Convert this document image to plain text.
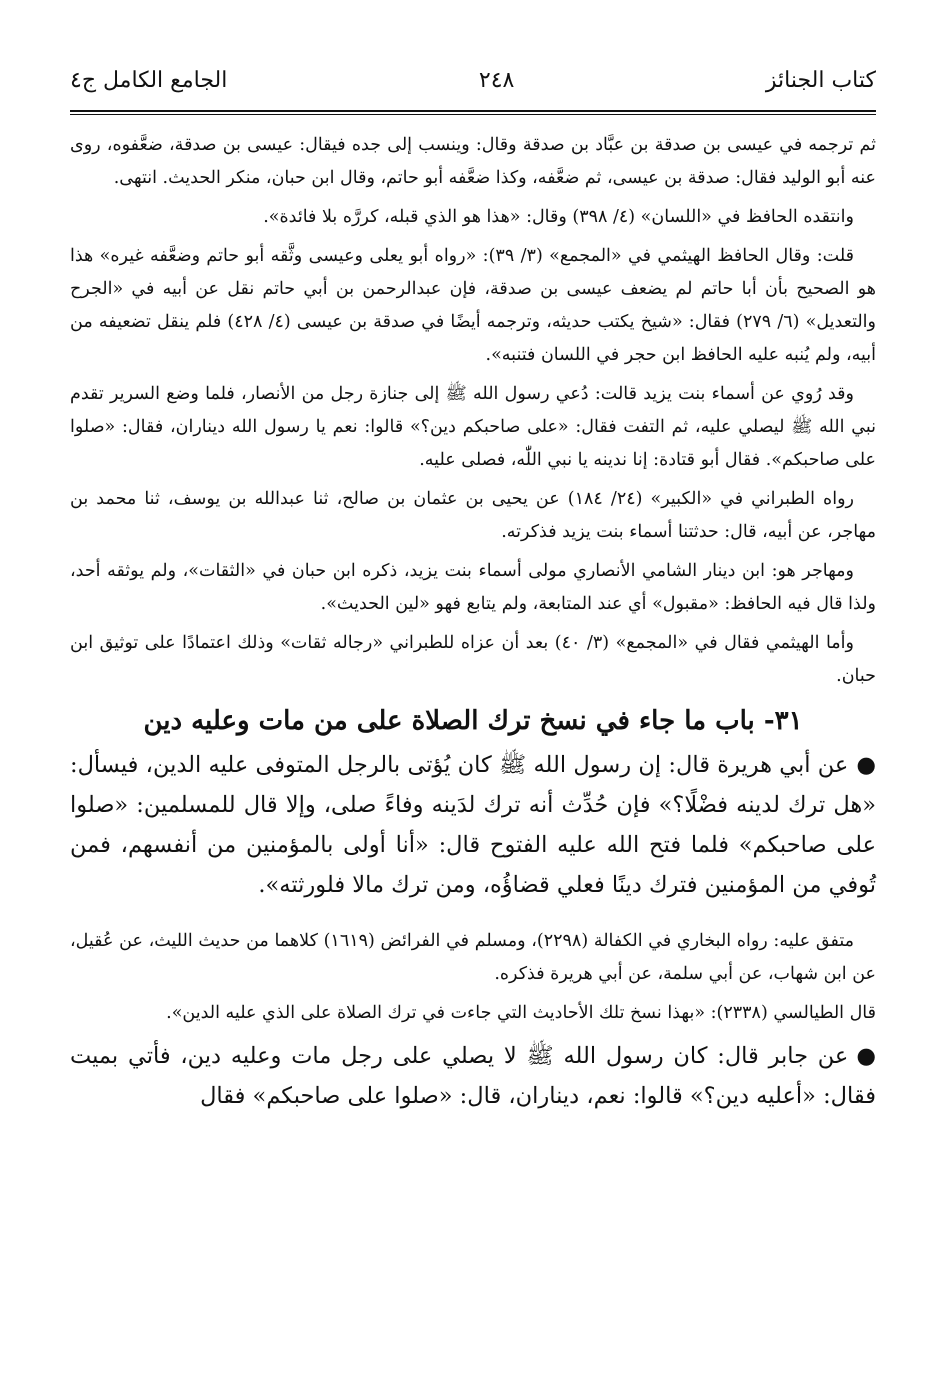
كتاب الجنائز
٢٤٨
الجامع الكامل ج٤

ثم ترجمه في عيسى بن صدقة بن عبَّاد بن صدقة وقال: وينسب إلى جده فيقال: عيسى بن صدقة، ضعَّفوه، روى عنه أبو الوليد فقال: صدقة بن عيسى، ثم ضعَّفه، وكذا ضعَّفه أبو حاتم، وقال ابن حبان، منكر الحديث. انتهى.

وانتقده الحافظ في «اللسان» (٤/ ٣٩٨) وقال: «هذا هو الذي قبله، كررَّه بلا فائدة».

قلت: وقال الحافظ الهيثمي في «المجمع» (٣/ ٣٩): «رواه أبو يعلى وعيسى وثَّقه أبو حاتم وضعَّفه غيره» هذا هو الصحيح بأن أبا حاتم لم يضعف عيسى بن صدقة، فإن عبدالرحمن بن أبي حاتم نقل عن أبيه في «الجرح والتعديل» (٦/ ٢٧٩) فقال: «شيخ يكتب حديثه، وترجمه أيضًا في صدقة بن عيسى (٤/ ٤٢٨) فلم ينقل تضعيفه من أبيه، ولم يُنبه عليه الحافظ ابن حجر في اللسان فتنبه».

وقد رُوي عن أسماء بنت يزيد قالت: دُعي رسول الله ﷺ إلى جنازة رجل من الأنصار، فلما وضع السرير تقدم نبي الله ﷺ ليصلي عليه، ثم التفت فقال: «على صاحبكم دين؟» قالوا: نعم يا رسول الله ديناران، فقال: «صلوا على صاحبكم». فقال أبو قتادة: إنا ندينه يا نبي اللّٰه، فصلى عليه.

رواه الطبراني في «الكبير» (٢٤/ ١٨٤) عن يحيى بن عثمان بن صالح، ثنا عبدالله بن يوسف، ثنا محمد بن مهاجر، عن أبيه، قال: حدثتنا أسماء بنت يزيد فذكرته.

ومهاجر هو: ابن دينار الشامي الأنصاري مولى أسماء بنت يزيد، ذكره ابن حبان في «الثقات»، ولم يوثقه أحد، ولذا قال فيه الحافظ: «مقبول» أي عند المتابعة، ولم يتابع فهو «لين الحديث».

وأما الهيثمي فقال في «المجمع» (٣/ ٤٠) بعد أن عزاه للطبراني «رجاله ثقات» وذلك اعتمادًا على توثيق ابن حبان.

٣١- باب ما جاء في نسخ ترك الصلاة على من مات وعليه دين

●عن أبي هريرة قال: إن رسول الله ﷺ كان يُؤتى بالرجل المتوفى عليه الدين، فيسأل: «هل ترك لدينه فضْلًا؟» فإن حُدِّث أنه ترك لدَينه وفاءً صلى، وإلا قال للمسلمين: «صلوا على صاحبكم» فلما فتح الله عليه الفتوح قال: «أنا أولى بالمؤمنين من أنفسهم، فمن تُوفي من المؤمنين فترك دينًا فعلي قضاؤُه، ومن ترك مالا فلورثته».

متفق عليه: رواه البخاري في الكفالة (٢٢٩٨)، ومسلم في الفرائض (١٦١٩) كلاهما من حديث الليث، عن عُقيل، عن ابن شهاب، عن أبي سلمة، عن أبي هريرة فذكره.

قال الطيالسي (٢٣٣٨): «بهذا نسخ تلك الأحاديث التي جاءت في ترك الصلاة على الذي عليه الدين».

●عن جابر قال: كان رسول الله ﷺ لا يصلي على رجل مات وعليه دين، فأتي بميت فقال: «أعليه دين؟» قالوا: نعم، ديناران، قال: «صلوا على صاحبكم» فقال
